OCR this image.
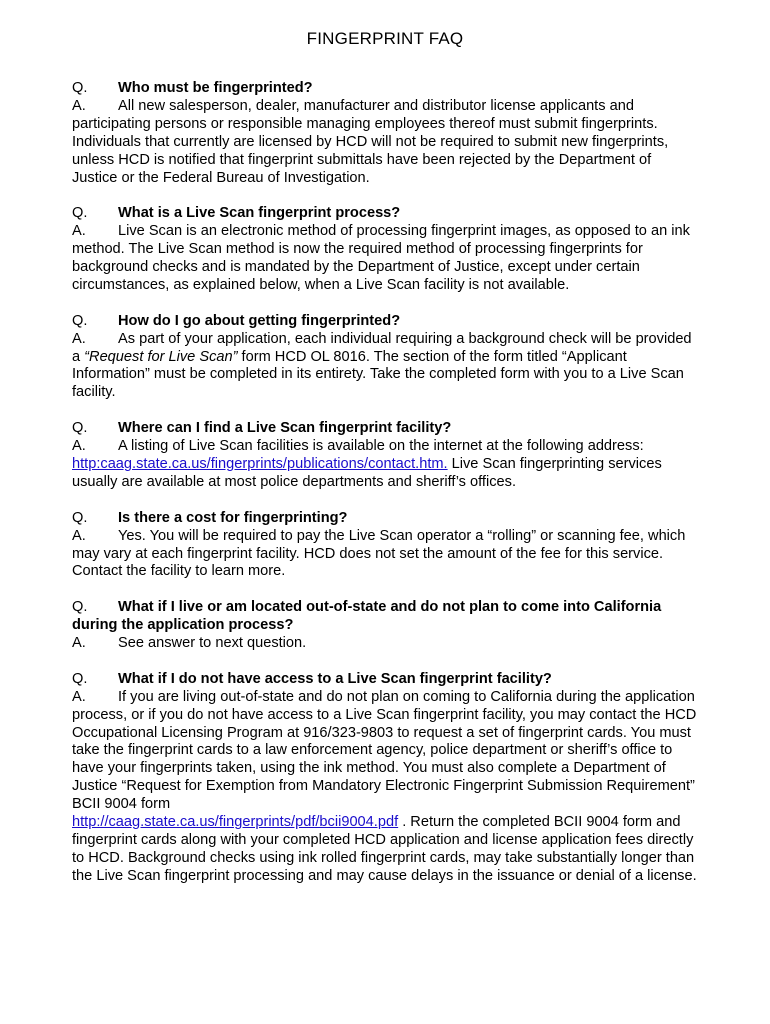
FINGERPRINT FAQ
Q. Who must be fingerprinted?
A. All new salesperson, dealer, manufacturer and distributor license applicants and participating persons or responsible managing employees thereof must submit fingerprints. Individuals that currently are licensed by HCD will not be required to submit new fingerprints, unless HCD is notified that fingerprint submittals have been rejected by the Department of Justice or the Federal Bureau of Investigation.
Q. What is a Live Scan fingerprint process?
A. Live Scan is an electronic method of processing fingerprint images, as opposed to an ink method. The Live Scan method is now the required method of processing fingerprints for background checks and is mandated by the Department of Justice, except under certain circumstances, as explained below, when a Live Scan facility is not available.
Q. How do I go about getting fingerprinted?
A. As part of your application, each individual requiring a background check will be provided a “Request for Live Scan” form HCD OL 8016. The section of the form titled “Applicant Information” must be completed in its entirety. Take the completed form with you to a Live Scan facility.
Q. Where can I find a Live Scan fingerprint facility?
A. A listing of Live Scan facilities is available on the internet at the following address: http:caag.state.ca.us/fingerprints/publications/contact.htm. Live Scan fingerprinting services usually are available at most police departments and sheriff’s offices.
Q. Is there a cost for fingerprinting?
A. Yes. You will be required to pay the Live Scan operator a “rolling” or scanning fee, which may vary at each fingerprint facility. HCD does not set the amount of the fee for this service. Contact the facility to learn more.
Q. What if I live or am located out-of-state and do not plan to come into California
during the application process?
A. See answer to next question.
Q. What if I do not have access to a Live Scan fingerprint facility?
A. If you are living out-of-state and do not plan on coming to California during the application process, or if you do not have access to a Live Scan fingerprint facility, you may contact the HCD Occupational Licensing Program at 916/323-9803 to request a set of fingerprint cards. You must take the fingerprint cards to a law enforcement agency, police department or sheriff’s office to have your fingerprints taken, using the ink method. You must also complete a Department of Justice “Request for Exemption from Mandatory Electronic Fingerprint Submission Requirement” BCII 9004 form
http://caag.state.ca.us/fingerprints/pdf/bcii9004.pdf . Return the completed BCII 9004 form and fingerprint cards along with your completed HCD application and license application fees directly to HCD. Background checks using ink rolled fingerprint cards, may take substantially longer than the Live Scan fingerprint processing and may cause delays in the issuance or denial of a license.
